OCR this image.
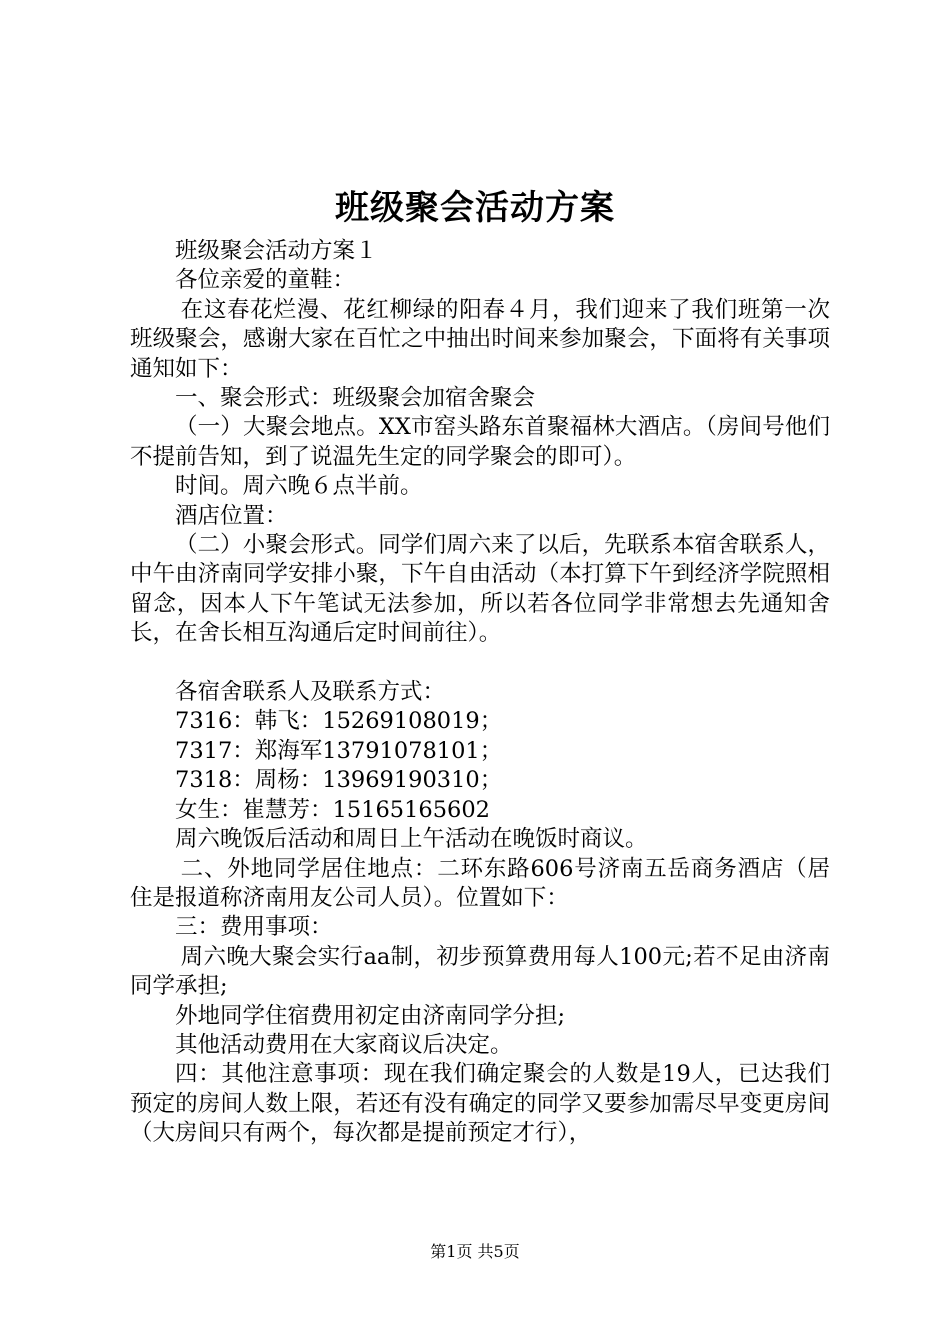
班级聚会活动方案

班级聚会活动方案１

各位亲爱的童鞋：

在这春花烂漫、花红柳绿的阳春４月，我们迎来了我们班第一次班级聚会，感谢大家在百忙之中抽出时间来参加聚会，下面将有关事项通知如下：

一、聚会形式：班级聚会加宿舍聚会

（一）大聚会地点。XX市窑头路东首聚福林大酒店。（房间号他们不提前告知，到了说温先生定的同学聚会的即可）。

时间。周六晚６点半前。

酒店位置：

（二）小聚会形式。同学们周六来了以后，先联系本宿舍联系人，中午由济南同学安排小聚，下午自由活动（本打算下午到经济学院照相留念，因本人下午笔试无法参加，所以若各位同学非常想去先通知舍长，在舍长相互沟通后定时间前往）。

各宿舍联系人及联系方式：

7316：韩飞：15269108019；

7317：郑海军13791078101；

7318：周杨：13969190310；

女生：崔慧芳：15165165602

周六晚饭后活动和周日上午活动在晚饭时商议。

二、外地同学居住地点：二环东路606号济南五岳商务酒店（居住是报道称济南用友公司人员）。位置如下：

三：费用事项：

周六晚大聚会实行aa制，初步预算费用每人100元;若不足由济南同学承担;

外地同学住宿费用初定由济南同学分担;

其他活动费用在大家商议后决定。

四：其他注意事项：现在我们确定聚会的人数是19人，已达我们预定的房间人数上限，若还有没有确定的同学又要参加需尽早变更房间（大房间只有两个，每次都是提前预定才行），

第1页 共5页
